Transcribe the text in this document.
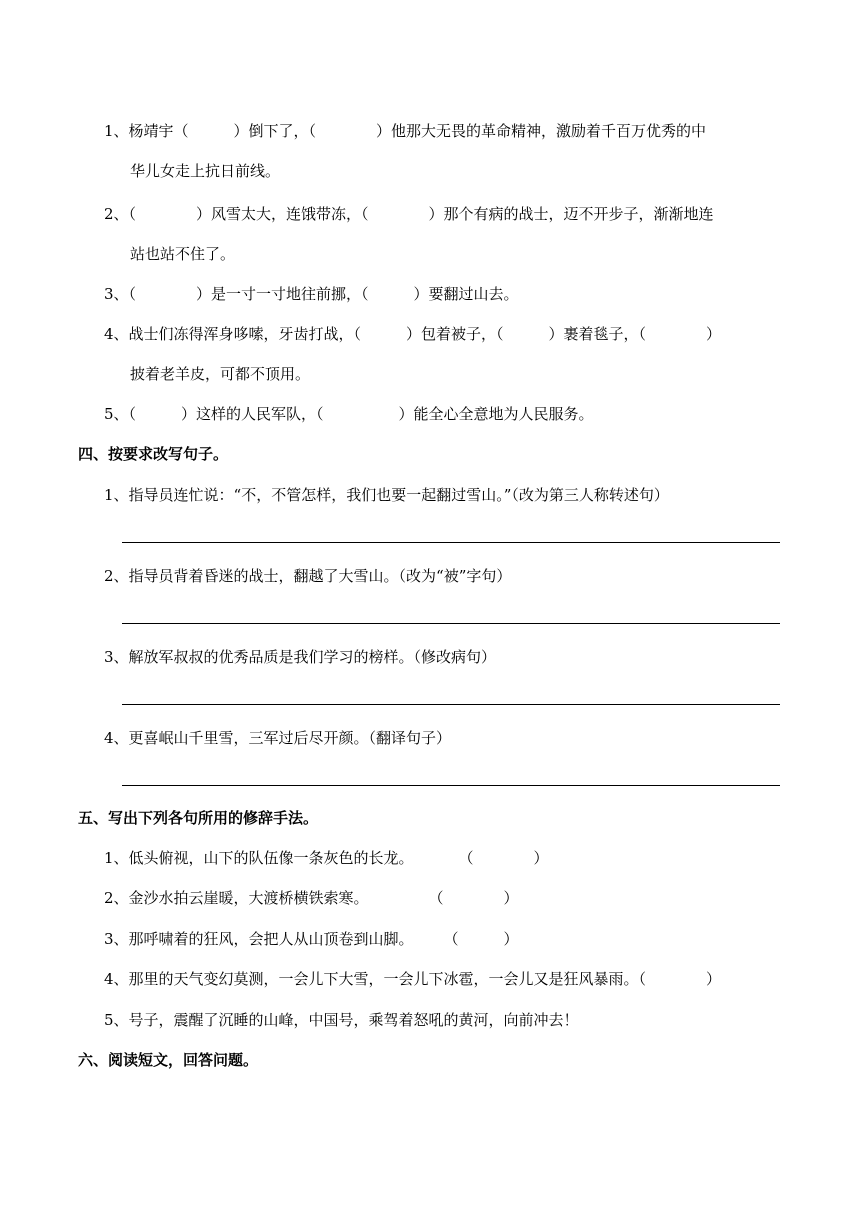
1、杨靖宇（　　　）倒下了，（　　　　）他那大无畏的革命精神，激励着千百万优秀的中
华儿女走上抗日前线。
2、（　　　　）风雪太大，连饿带冻，（　　　　）那个有病的战士，迈不开步子，渐渐地连
站也站不住了。
3、（　　　　）是一寸一寸地往前挪，（　　　）要翻过山去。
4、战士们冻得浑身哆嗦，牙齿打战，（　　　）包着被子，（　　　）裹着毯子，（　　　　）
披着老羊皮，可都不顶用。
5、（　　　）这样的人民军队，（　　　　　）能全心全意地为人民服务。
四、按要求改写句子。
1、指导员连忙说：“不，不管怎样，我们也要一起翻过雪山。”（改为第三人称转述句）
2、指导员背着昏迷的战士，翻越了大雪山。（改为“被”字句）
3、解放军叔叔的优秀品质是我们学习的榜样。（修改病句）
4、更喜岷山千里雪，三军过后尽开颜。（翻译句子）
五、写出下列各句所用的修辞手法。
1、低头俯视，山下的队伍像一条灰色的长龙。　　　　（　　　　）
2、金沙水拍云崖暖，大渡桥横铁索寒。　　　　　（　　　　）
3、那呼啸着的狂风，会把人从山顶卷到山脚。　　　（　　　）
4、那里的天气变幻莫测，一会儿下大雪，一会儿下冰雹，一会儿又是狂风暴雨。（　　　　）
5、号子，震醒了沉睡的山峰，中国号，乘驾着怒吼的黄河，向前冲去！
六、阅读短文，回答问题。
